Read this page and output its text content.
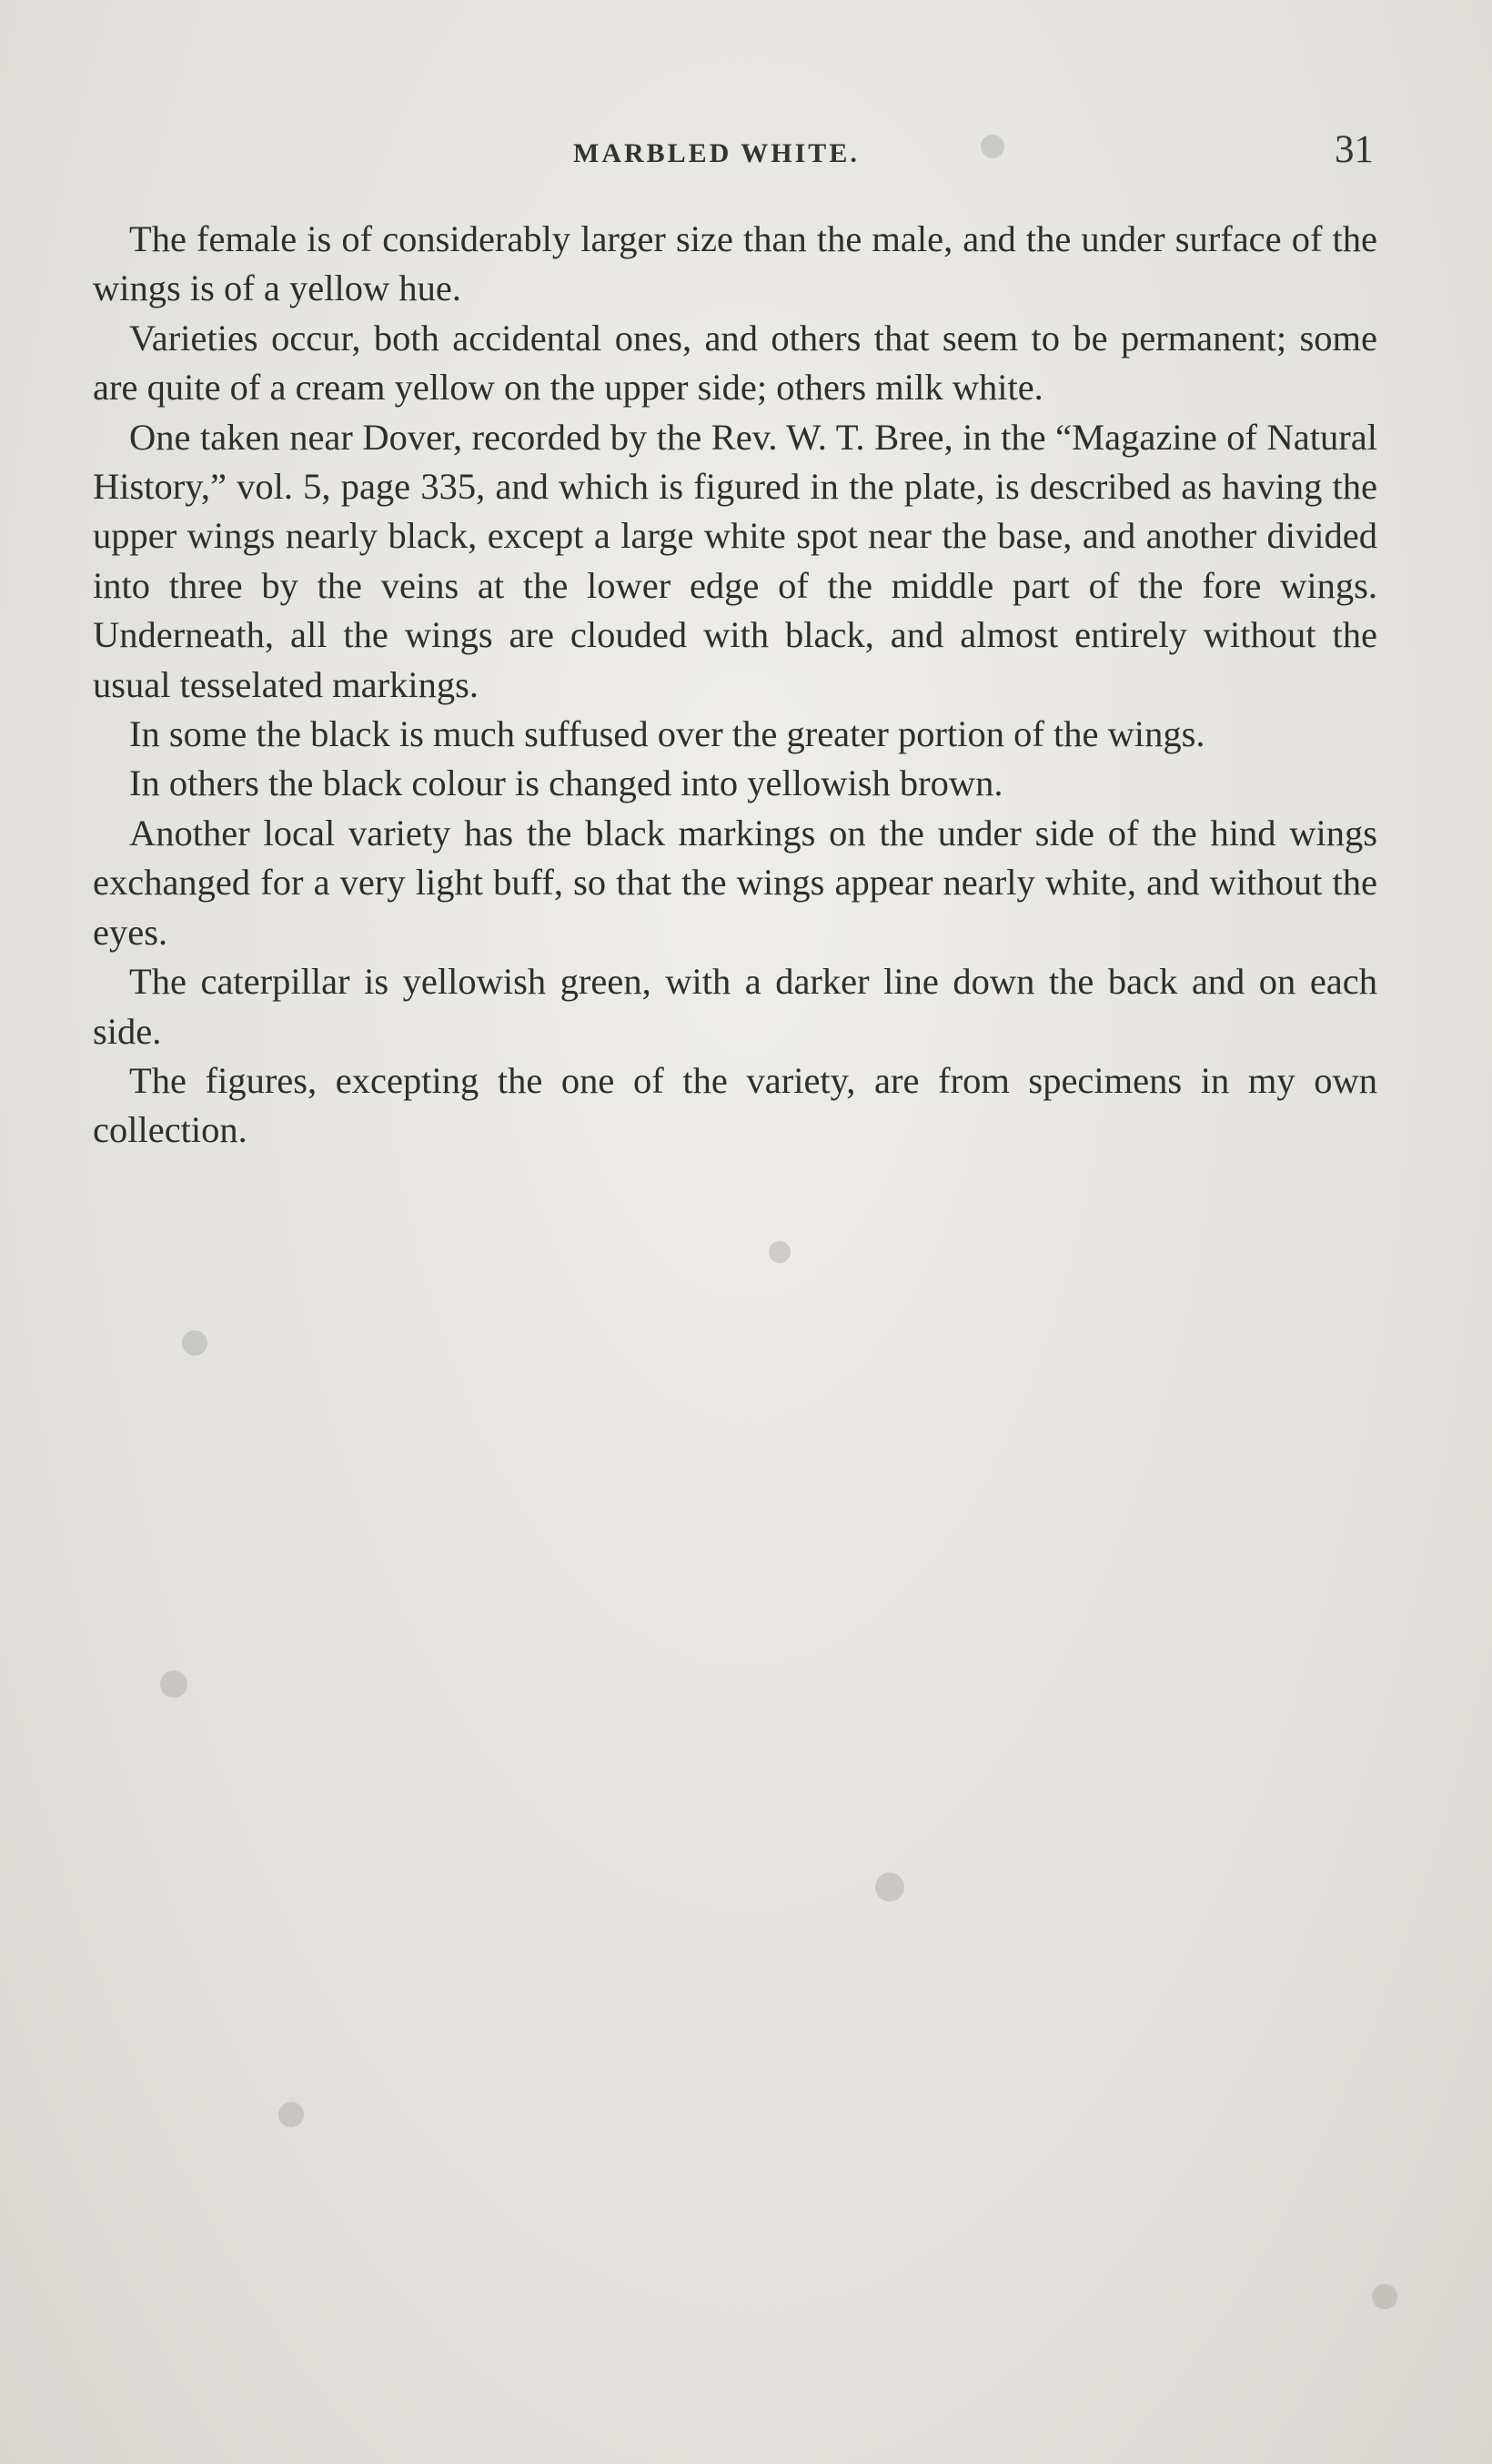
MARBLED WHITE.	31

The female is of considerably larger size than the male, and the under surface of the wings is of a yellow hue.

Varieties occur, both accidental ones, and others that seem to be permanent; some are quite of a cream yellow on the upper side; others milk white.

One taken near Dover, recorded by the Rev. W. T. Bree, in the “Magazine of Natural History,” vol. 5, page 335, and which is figured in the plate, is described as having the upper wings nearly black, except a large white spot near the base, and another divided into three by the veins at the lower edge of the middle part of the fore wings. Underneath, all the wings are clouded with black, and almost entirely without the usual tesselated markings.

In some the black is much suffused over the greater portion of the wings.

In others the black colour is changed into yellowish brown.

Another local variety has the black markings on the under side of the hind wings exchanged for a very light buff, so that the wings appear nearly white, and without the eyes.

The caterpillar is yellowish green, with a darker line down the back and on each side.

The figures, excepting the one of the variety, are from specimens in my own collection.
